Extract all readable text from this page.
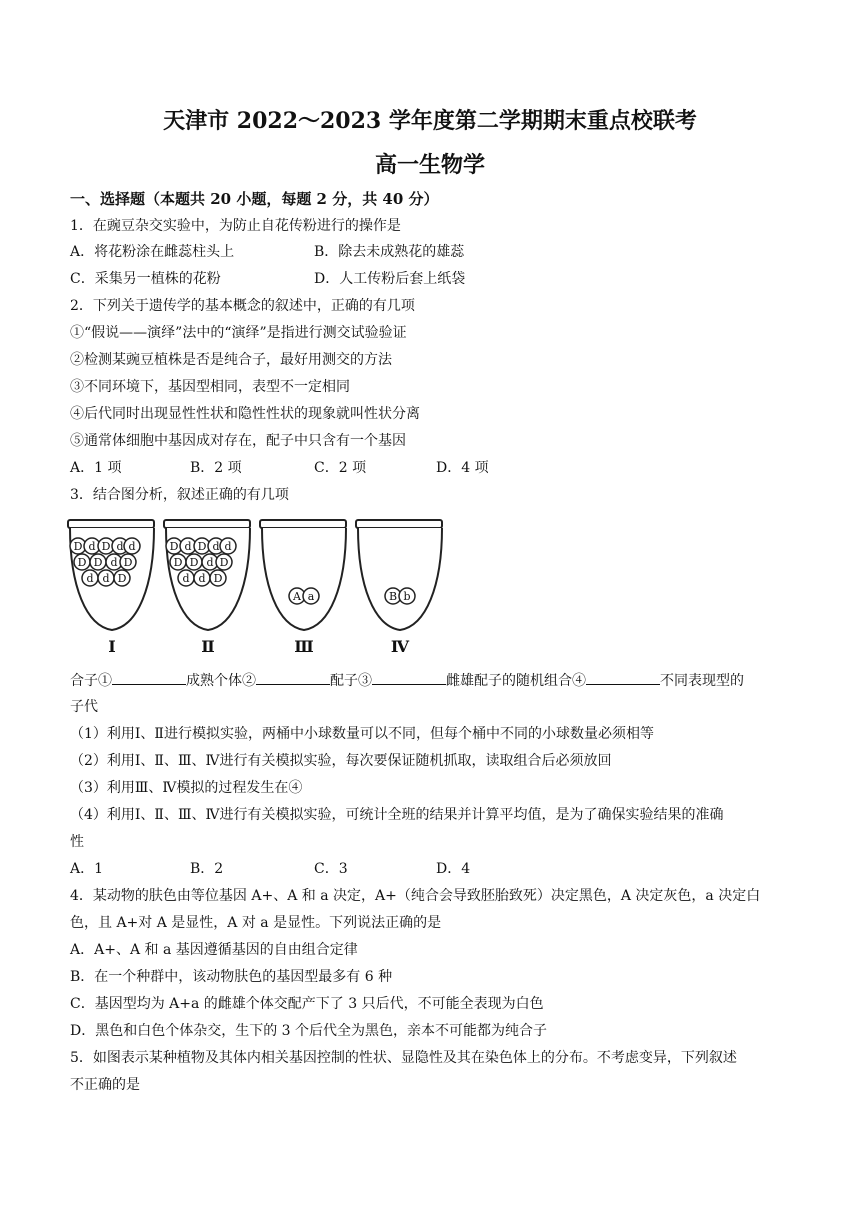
天津市 2022～2023 学年度第二学期期末重点校联考
高一生物学
一、选择题（本题共 20 小题，每题 2 分，共 40 分）
1．在豌豆杂交实验中，为防止自花传粉进行的操作是
A．将花粉涂在雌蕊柱头上	B．除去未成熟花的雄蕊
C．采集另一植株的花粉	D．人工传粉后套上纸袋
2．下列关于遗传学的基本概念的叙述中，正确的有几项
①“假说——演绎”法中的“演绎”是指进行测交试验验证
②检测某豌豆植株是否是纯合子，最好用测交的方法
③不同环境下，基因型相同，表型不一定相同
④后代同时出现显性性状和隐性性状的现象就叫性状分离
⑤通常体细胞中基因成对存在，配子中只含有一个基因
A．1 项	B．2 项	C．2 项	D．4 项
3．结合图分析，叙述正确的有几项
D d D d d
D D d D
d d D
Ⅰ
D d D d d
D D d D
d d D
Ⅱ
A a
Ⅲ
B b
Ⅳ
合子①	成熟个体②	配子③	雌雄配子的随机组合④	不同表现型的
子代
（1）利用Ⅰ、Ⅱ进行模拟实验，两桶中小球数量可以不同，但每个桶中不同的小球数量必须相等
（2）利用Ⅰ、Ⅱ、Ⅲ、Ⅳ进行有关模拟实验，每次要保证随机抓取，读取组合后必须放回
（3）利用Ⅲ、Ⅳ模拟的过程发生在④
（4）利用Ⅰ、Ⅱ、Ⅲ、Ⅳ进行有关模拟实验，可统计全班的结果并计算平均值，是为了确保实验结果的准确
性
A．1	B．2	C．3	D．4
4．某动物的肤色由等位基因 A+、A 和 a 决定，A+（纯合会导致胚胎致死）决定黑色，A 决定灰色，a 决定白
色，且 A+对 A 是显性，A 对 a 是显性。下列说法正确的是
A．A+、A 和 a 基因遵循基因的自由组合定律
B．在一个种群中，该动物肤色的基因型最多有 6 种
C．基因型均为 A+a 的雌雄个体交配产下了 3 只后代，不可能全表现为白色
D．黑色和白色个体杂交，生下的 3 个后代全为黑色，亲本不可能都为纯合子
5．如图表示某种植物及其体内相关基因控制的性状、显隐性及其在染色体上的分布。不考虑变异，下列叙述
不正确的是
